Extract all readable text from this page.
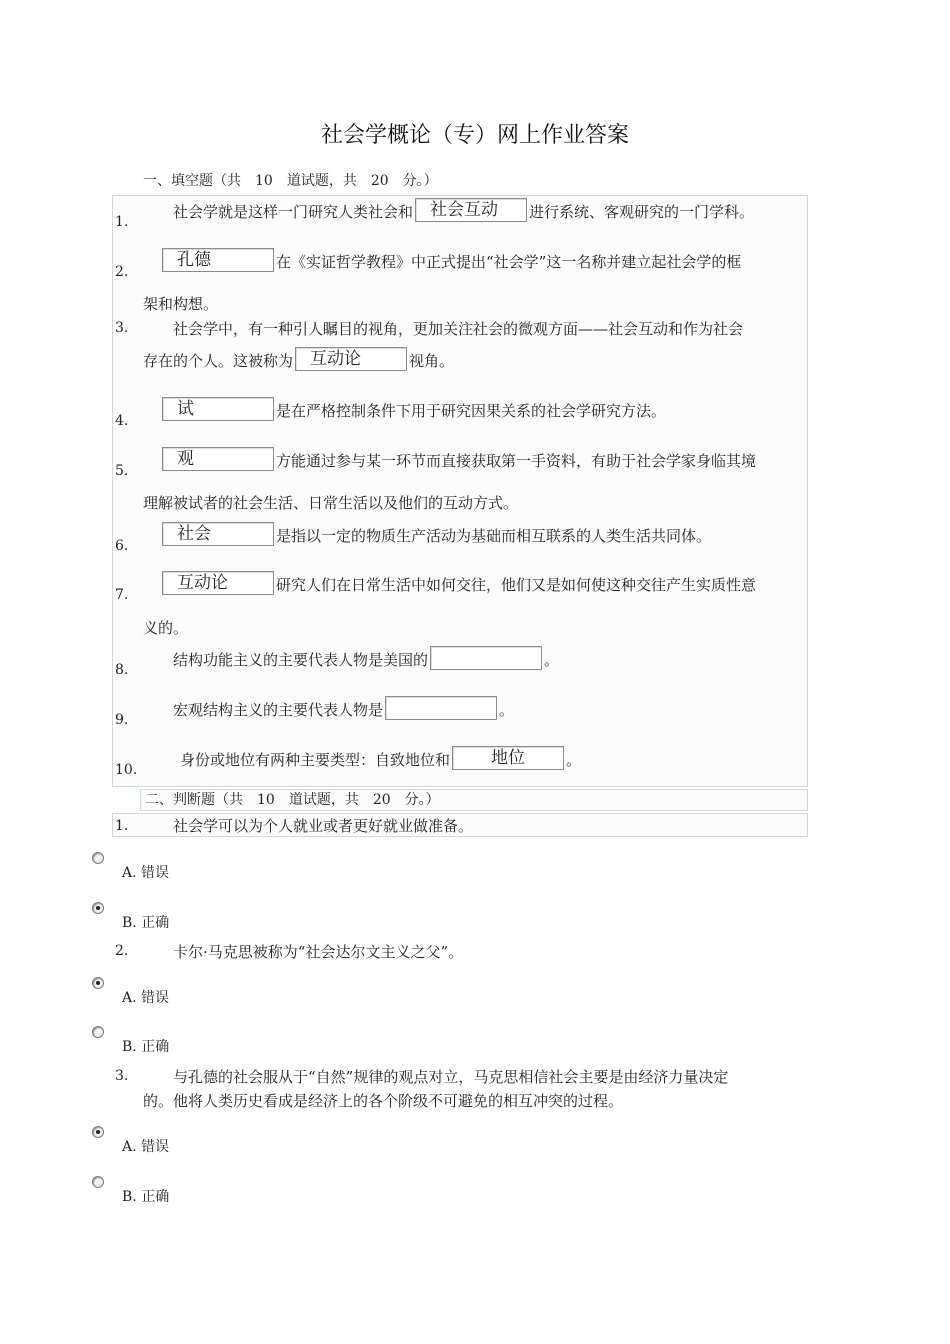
社会学概论（专）网上作业答案
一、填空题（共　10　道试题，共　20　分。）
1.
　　社会学就是这样一门研究人类社会和 社会互动 进行系统、客观研究的一门学科。
2.
孔德	在《实证哲学教程》中正式提出“社会学”这一名称并建立起社会学的框
架和构想。
3. 　　社会学中，有一种引人瞩目的视角，更加关注社会的微观方面——社会互动和作为社会
存在的个人。这被称为 互动论	视角。
4.
试	是在严格控制条件下用于研究因果关系的社会学研究方法。
5.
观	方能通过参与某一环节而直接获取第一手资料，有助于社会学家身临其境
理解被试者的社会生活、日常生活以及他们的互动方式。
6.
社会	是指以一定的物质生产活动为基础而相互联系的人类生活共同体。
7.
互动论	研究人们在日常生活中如何交往，他们又是如何使这种交往产生实质性意
义的。
8.
　　结构功能主义的主要代表人物是美国的	。
9.
　　宏观结构主义的主要代表人物是	。
10.
　　身份或地位有两种主要类型：自致地位和 地位	。
二、判断题（共　10　道试题，共　20　分。）
1. 　　社会学可以为个人就业或者更好就业做准备。
A. 错误
B. 正确
2. 　　卡尔·马克思被称为“社会达尔文主义之父”。
A. 错误
B. 正确
3. 　　与孔德的社会服从于“自然”规律的观点对立，马克思相信社会主要是由经济力量决定
的。他将人类历史看成是经济上的各个阶级不可避免的相互冲突的过程。
A. 错误
B. 正确
